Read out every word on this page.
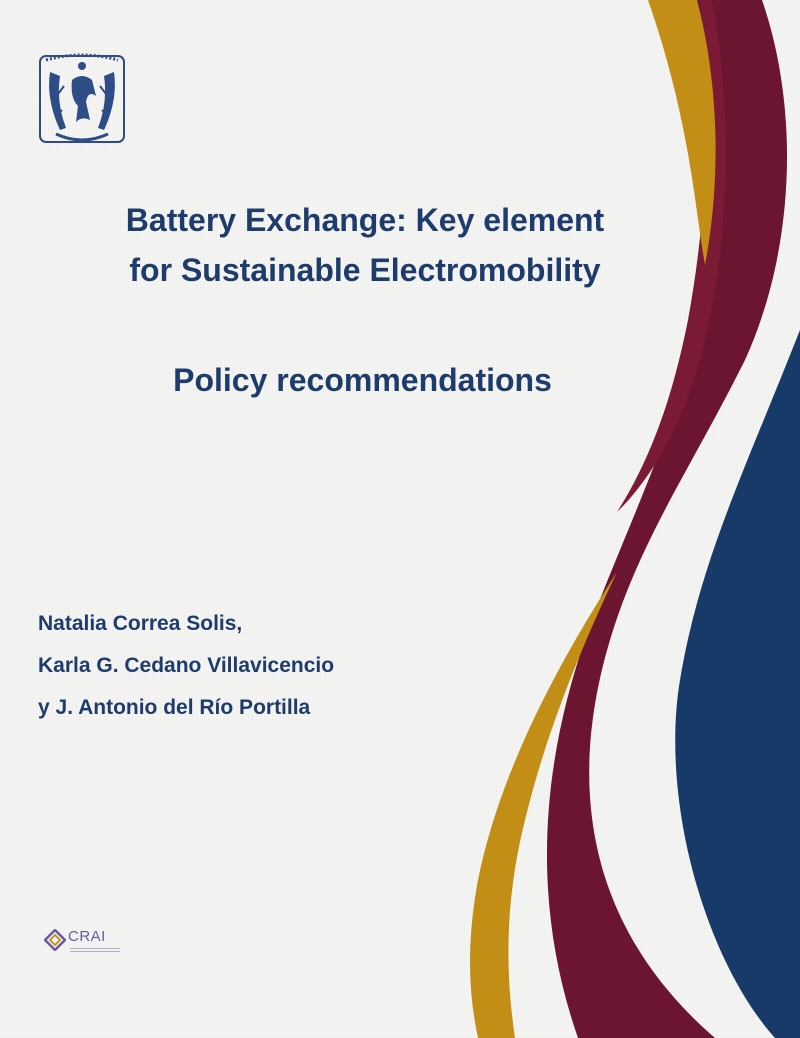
Battery Exchange: Key element
for Sustainable Electromobility
Policy recommendations
Natalia Correa Solis,
Karla G. Cedano Villavicencio
y J. Antonio del Río Portilla
CRAI
